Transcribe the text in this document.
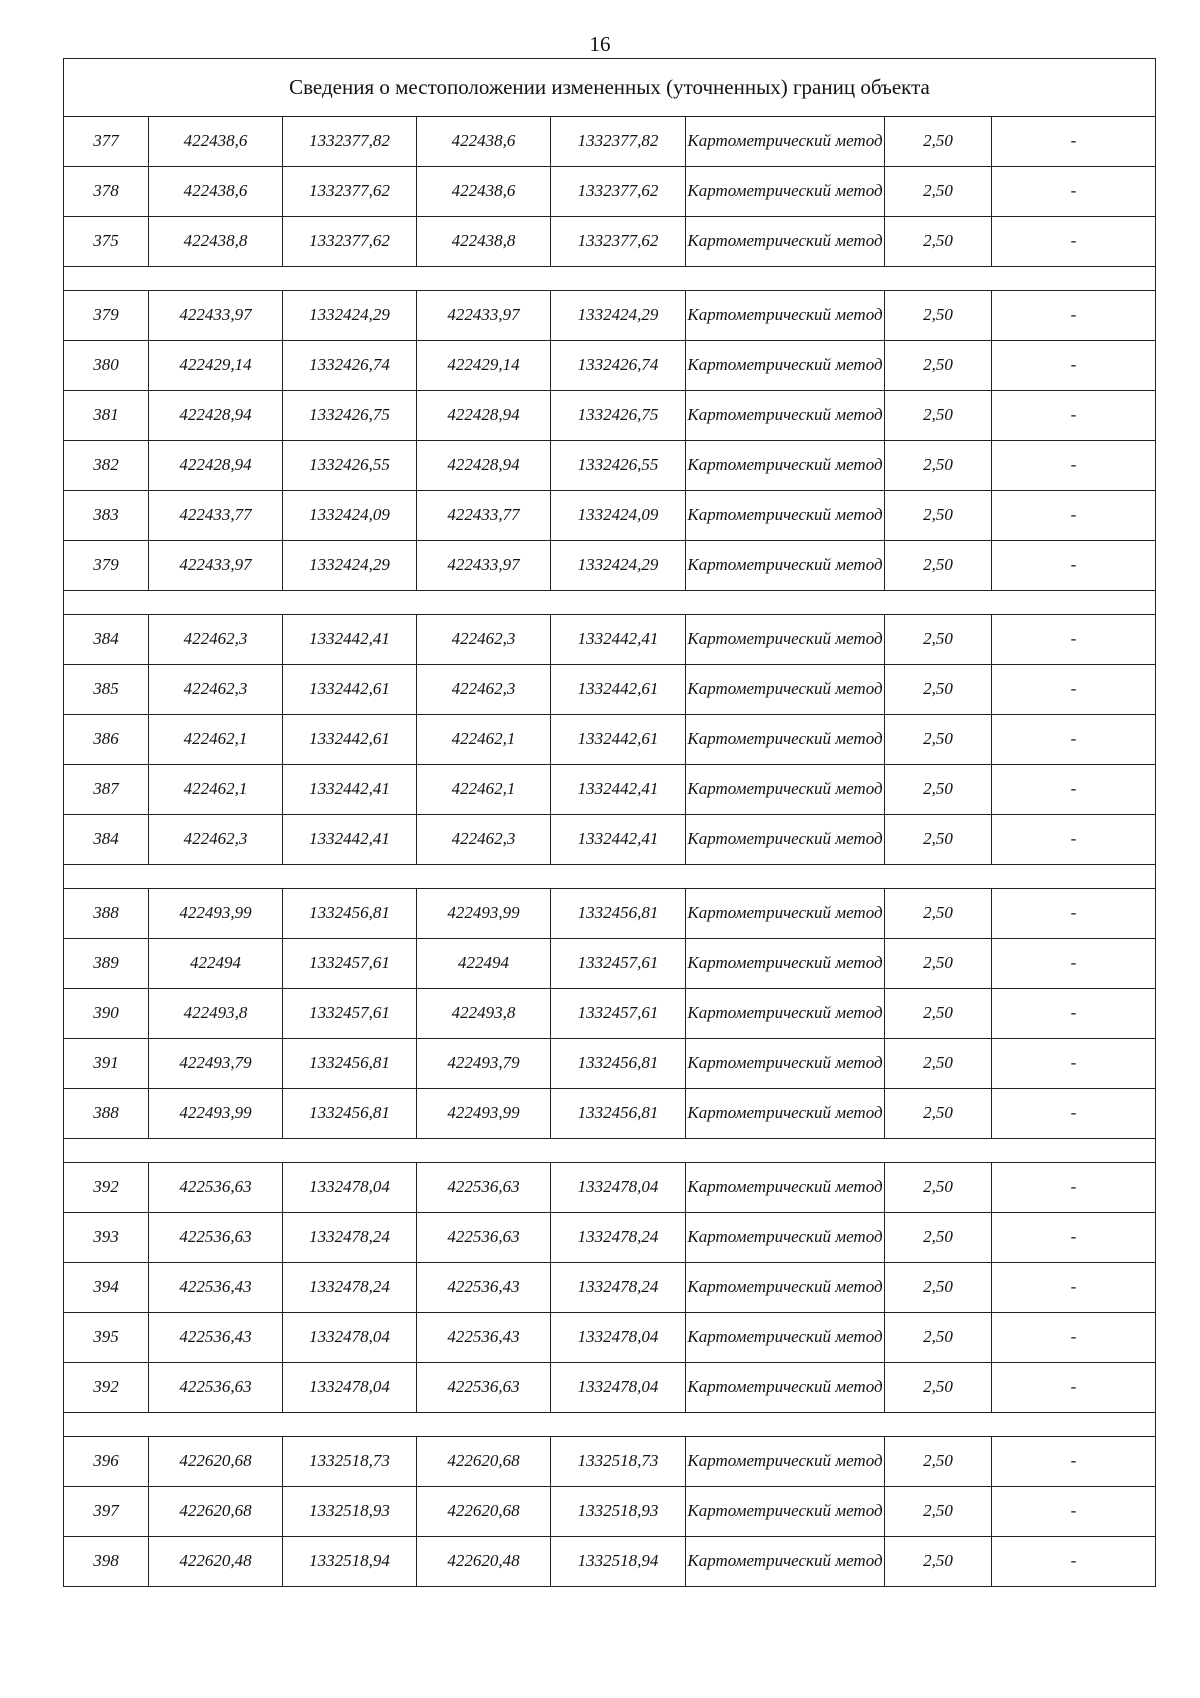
16
Сведения о местоположении измененных (уточненных) границ объекта							
377	422438,6	1332377,82	422438,6	1332377,82	Картометрический метод	2,50	-
378	422438,6	1332377,62	422438,6	1332377,62	Картометрический метод	2,50	-
375	422438,8	1332377,62	422438,8	1332377,62	Картометрический метод	2,50	-

379	422433,97	1332424,29	422433,97	1332424,29	Картометрический метод	2,50	-
380	422429,14	1332426,74	422429,14	1332426,74	Картометрический метод	2,50	-
381	422428,94	1332426,75	422428,94	1332426,75	Картометрический метод	2,50	-
382	422428,94	1332426,55	422428,94	1332426,55	Картометрический метод	2,50	-
383	422433,77	1332424,09	422433,77	1332424,09	Картометрический метод	2,50	-
379	422433,97	1332424,29	422433,97	1332424,29	Картометрический метод	2,50	-

384	422462,3	1332442,41	422462,3	1332442,41	Картометрический метод	2,50	-
385	422462,3	1332442,61	422462,3	1332442,61	Картометрический метод	2,50	-
386	422462,1	1332442,61	422462,1	1332442,61	Картометрический метод	2,50	-
387	422462,1	1332442,41	422462,1	1332442,41	Картометрический метод	2,50	-
384	422462,3	1332442,41	422462,3	1332442,41	Картометрический метод	2,50	-

388	422493,99	1332456,81	422493,99	1332456,81	Картометрический метод	2,50	-
389	422494	1332457,61	422494	1332457,61	Картометрический метод	2,50	-
390	422493,8	1332457,61	422493,8	1332457,61	Картометрический метод	2,50	-
391	422493,79	1332456,81	422493,79	1332456,81	Картометрический метод	2,50	-
388	422493,99	1332456,81	422493,99	1332456,81	Картометрический метод	2,50	-

392	422536,63	1332478,04	422536,63	1332478,04	Картометрический метод	2,50	-
393	422536,63	1332478,24	422536,63	1332478,24	Картометрический метод	2,50	-
394	422536,43	1332478,24	422536,43	1332478,24	Картометрический метод	2,50	-
395	422536,43	1332478,04	422536,43	1332478,04	Картометрический метод	2,50	-
392	422536,63	1332478,04	422536,63	1332478,04	Картометрический метод	2,50	-

396	422620,68	1332518,73	422620,68	1332518,73	Картометрический метод	2,50	-
397	422620,68	1332518,93	422620,68	1332518,93	Картометрический метод	2,50	-
398	422620,48	1332518,94	422620,48	1332518,94	Картометрический метод	2,50	-
